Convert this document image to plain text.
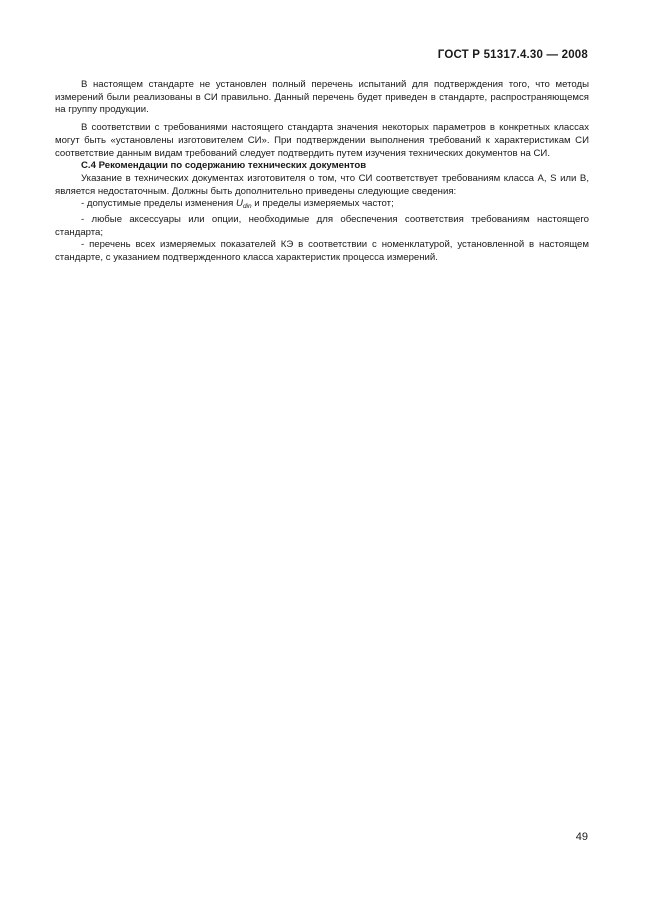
ГОСТ Р 51317.4.30 — 2008

В настоящем стандарте не установлен полный перечень испытаний для подтверждения того, что методы измерений были реализованы в СИ правильно. Данный перечень будет приведен в стандарте, распространяющемся на группу продукции.

В соответствии с требованиями настоящего стандарта значения некоторых параметров в конкретных классах могут быть «установлены изготовителем СИ». При подтверждении выполнения требований к характеристикам СИ соответствие данным видам требований следует подтвердить путем изучения технических документов на СИ.

С.4 Рекомендации по содержанию технических документов

Указание в технических документах изготовителя о том, что СИ соответствует требованиям класса А, S или В, является недостаточным. Должны быть дополнительно приведены следующие сведения:

- допустимые пределы изменения $U_{din}$ и пределы измеряемых частот;

- любые аксессуары или опции, необходимые для обеспечения соответствия требованиям настоящего стандарта;

- перечень всех измеряемых показателей КЭ в соответствии с номенклатурой, установленной в настоящем стандарте, с указанием подтвержденного класса характеристик процесса измерений.

49
